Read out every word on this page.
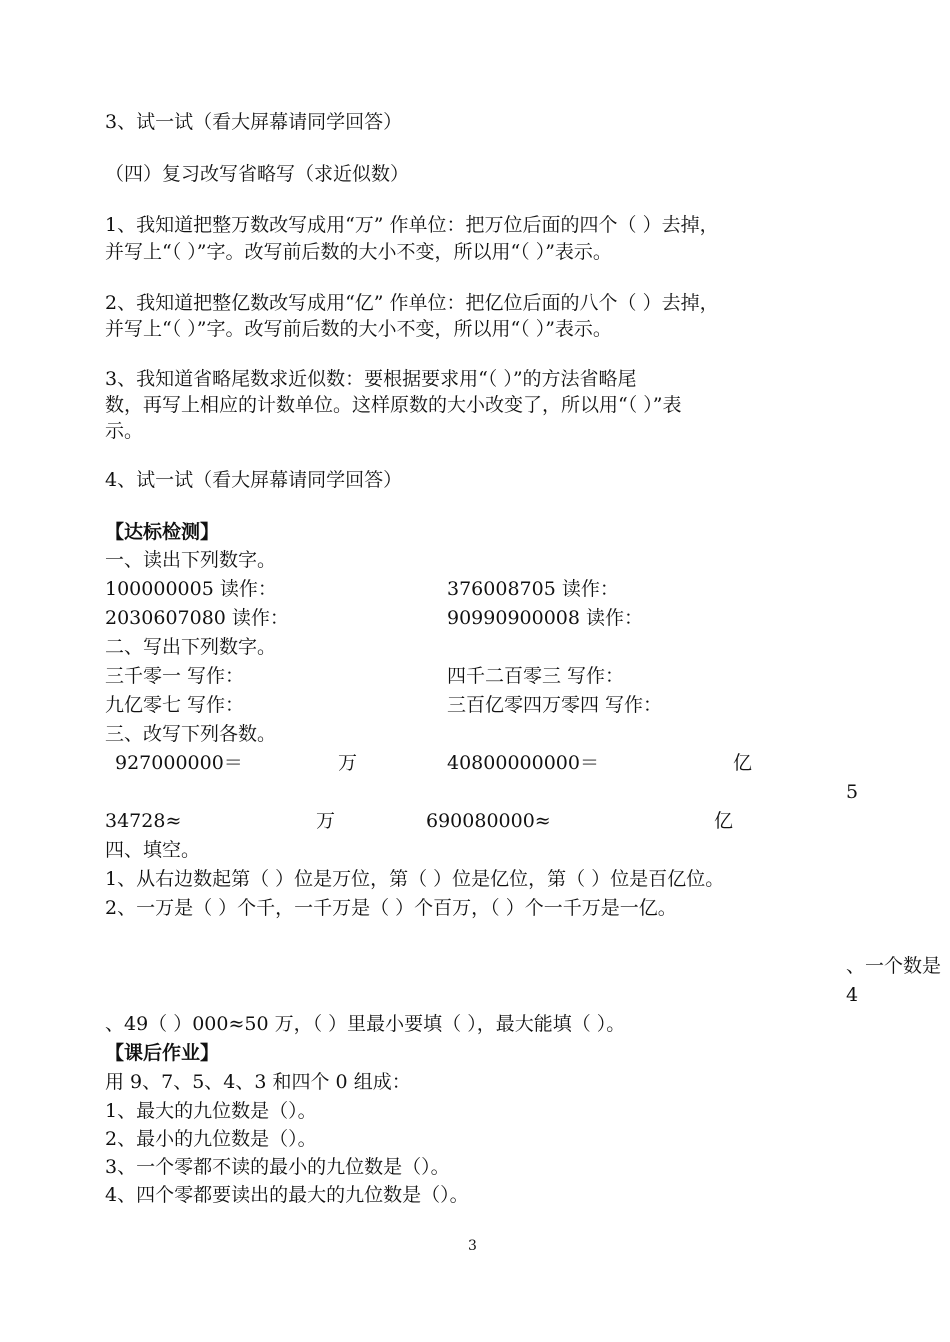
3、试一试（看大屏幕请同学回答）
（四）复习改写省略写（求近似数）
1、我知道把整万数改写成用“万” 作单位：把万位后面的四个（ ）去掉，
并写上“（ ）”字。改写前后数的大小不变，所以用“（ ）”表示。
2、我知道把整亿数改写成用“亿” 作单位：把亿位后面的八个（ ）去掉，
并写上“（ ）”字。改写前后数的大小不变，所以用“（ ）”表示。
3、我知道省略尾数求近似数：要根据要求用“（ ）”的方法省略尾
数，再写上相应的计数单位。这样原数的大小改变了，所以用“（ ）”表
示。
4、试一试（看大屏幕请同学回答）
【达标检测】
一、读出下列数字。
100000005 读作：	376008705 读作：
2030607080 读作：	90990900008 读作：
二、写出下列数字。
三千零一 写作：	四千二百零三 写作：
九亿零七 写作：	三百亿零四万零四 写作：
三、改写下列各数。
927000000＝	万	40800000000＝	亿
5
34728≈	万	690080000≈	亿
四、填空。
1、从右边数起第（ ）位是万位，第（ ）位是亿位，第（ ）位是百亿位。
2、一万是（ ）个千，一千万是（ ）个百万，（ ）个一千万是一亿。
、一个数是
4
、49（ ）000≈50 万，（ ）里最小要填（ ），最大能填（ ）。
【课后作业】
用 9、7、5、4、3 和四个 0 组成：
1、最大的九位数是（）。
2、最小的九位数是（）。
3、一个零都不读的最小的九位数是（）。
4、四个零都要读出的最大的九位数是（）。
3
